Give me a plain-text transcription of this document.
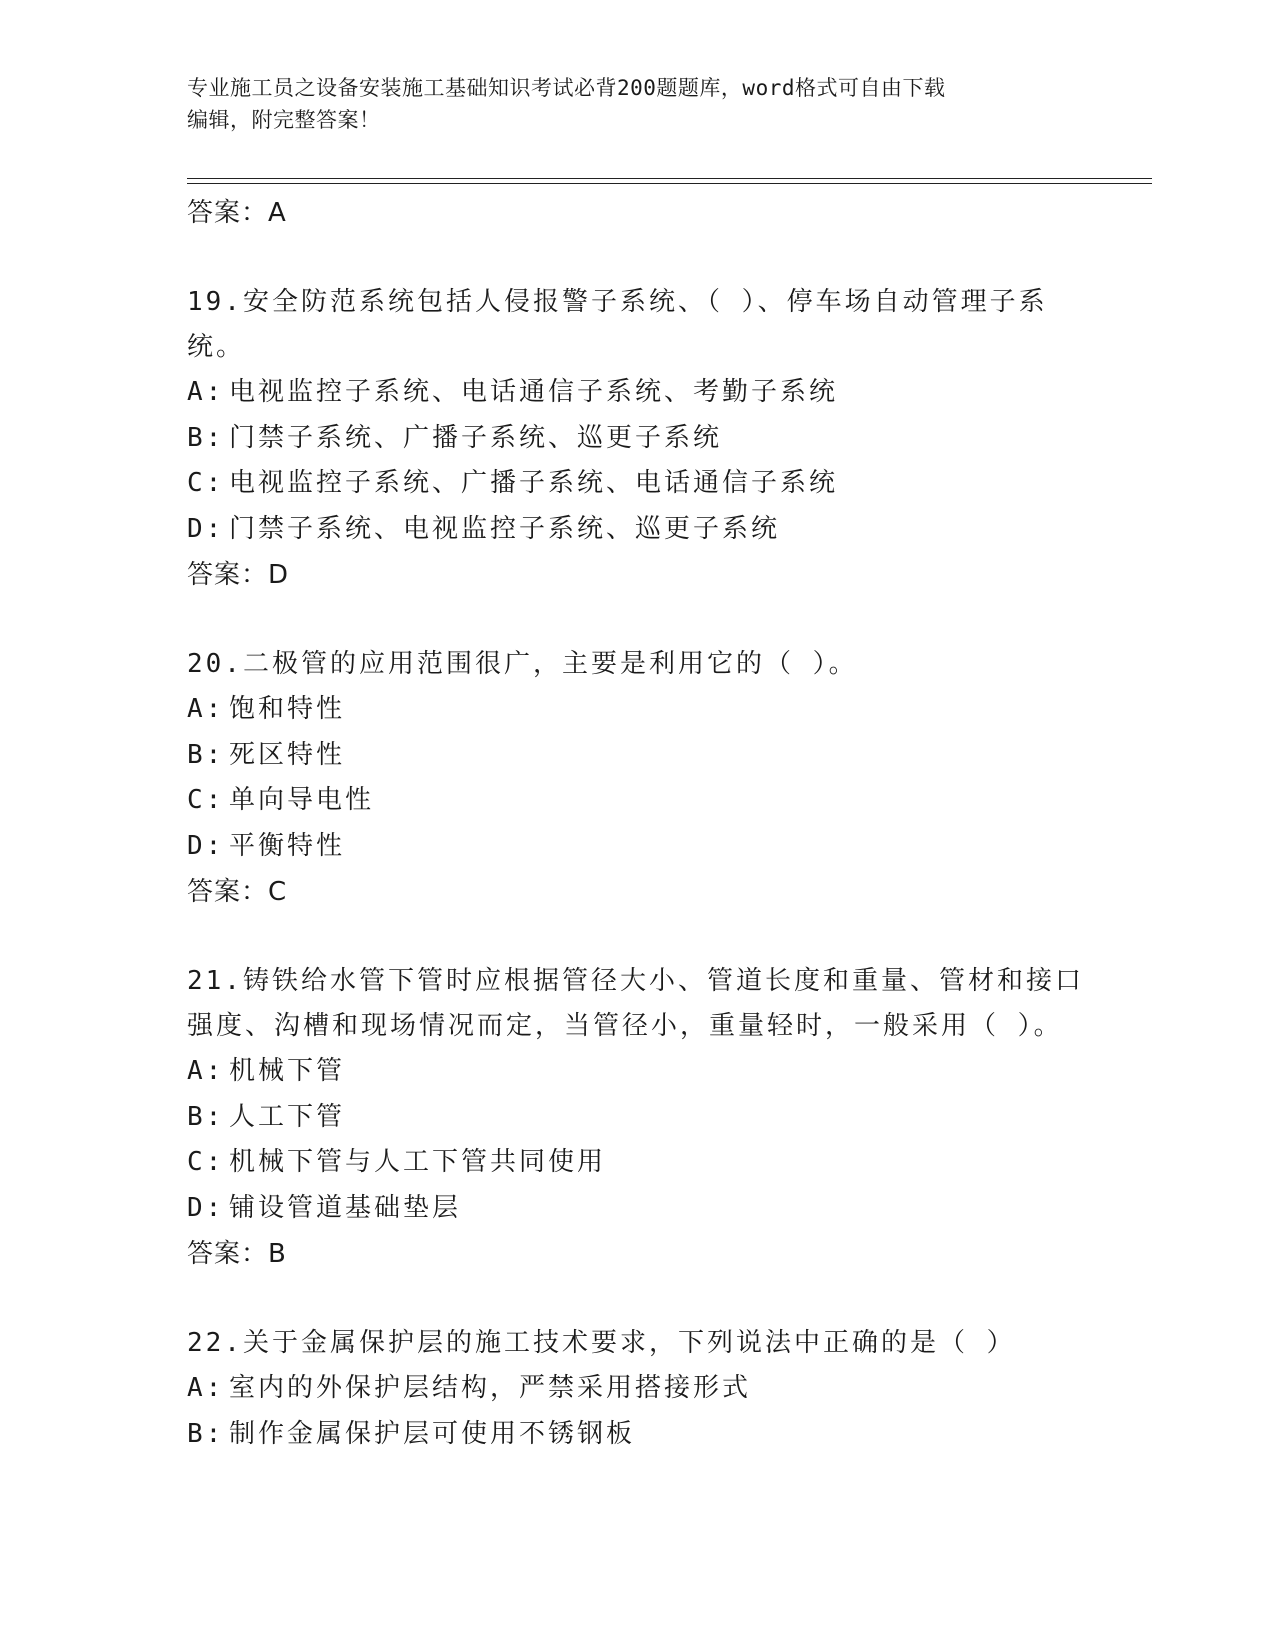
专业施工员之设备安装施工基础知识考试必背200题题库，word格式可自由下载
编辑，附完整答案！
答案：A
19.安全防范系统包括人侵报警子系统、（ ）、停车场自动管理子系
统。
A: 电视监控子系统、电话通信子系统、考勤子系统
B: 门禁子系统、广播子系统、巡更子系统
C: 电视监控子系统、广播子系统、电话通信子系统
D: 门禁子系统、电视监控子系统、巡更子系统
答案：D
20.二极管的应用范围很广，主要是利用它的（ ）。
A: 饱和特性
B: 死区特性
C: 单向导电性
D: 平衡特性
答案：C
21.铸铁给水管下管时应根据管径大小、管道长度和重量、管材和接口
强度、沟槽和现场情况而定，当管径小，重量轻时，一般采用（ ）。
A: 机械下管
B: 人工下管
C: 机械下管与人工下管共同使用
D: 铺设管道基础垫层
答案：B
22.关于金属保护层的施工技术要求，下列说法中正确的是（ ）
A: 室内的外保护层结构，严禁采用搭接形式
B: 制作金属保护层可使用不锈钢板
